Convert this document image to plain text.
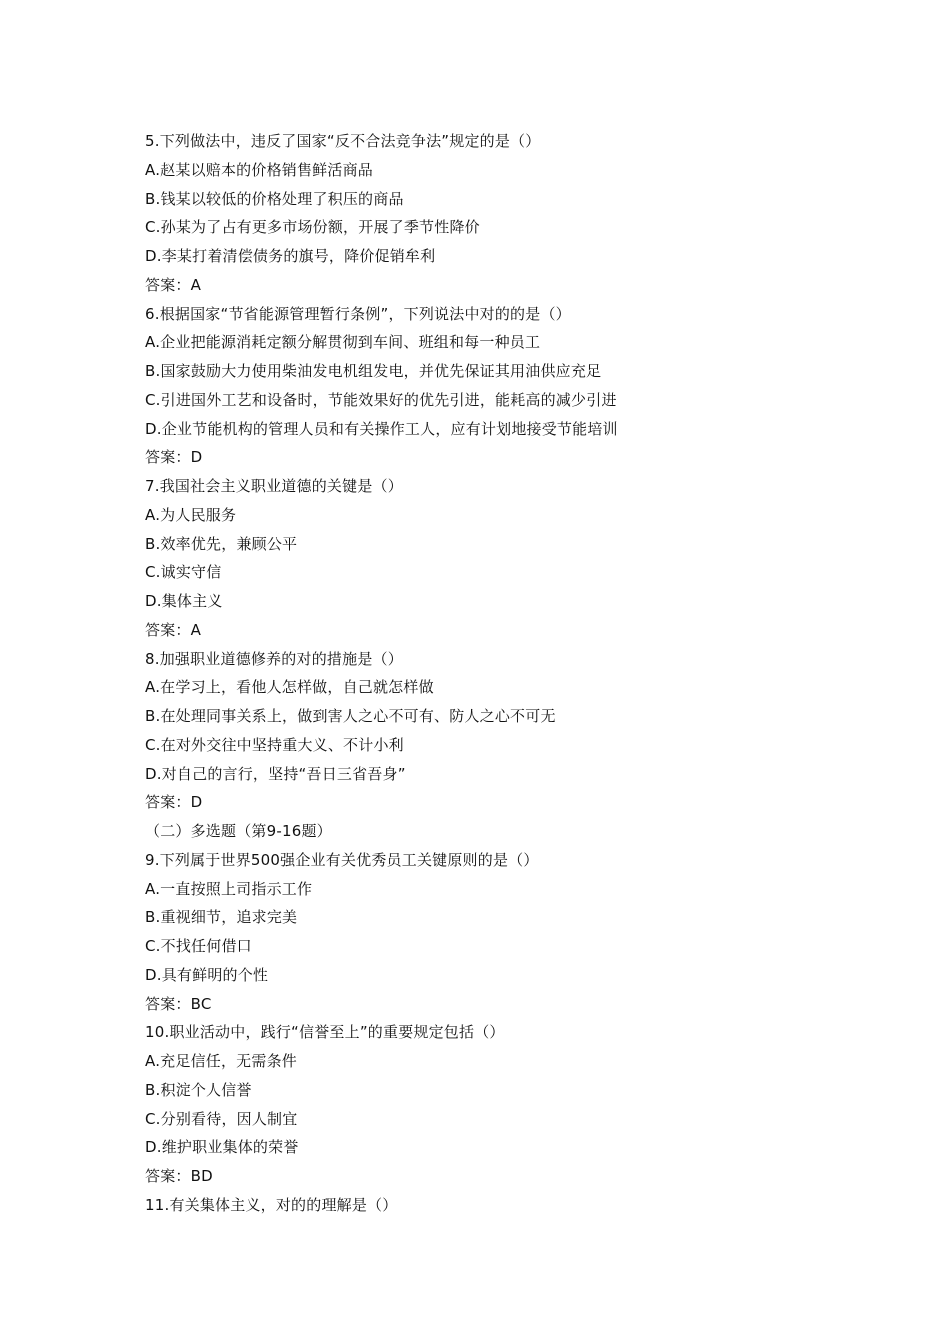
5.下列做法中，违反了国家“反不合法竞争法”规定的是（）
A.赵某以赔本的价格销售鲜活商品
B.钱某以较低的价格处理了积压的商品
C.孙某为了占有更多市场份额，开展了季节性降价
D.李某打着清偿债务的旗号，降价促销牟利
答案：A
6.根据国家“节省能源管理暂行条例”，下列说法中对的的是（）
A.企业把能源消耗定额分解贯彻到车间、班组和每一种员工
B.国家鼓励大力使用柴油发电机组发电，并优先保证其用油供应充足
C.引进国外工艺和设备时，节能效果好的优先引进，能耗高的减少引进
D.企业节能机构的管理人员和有关操作工人，应有计划地接受节能培训
答案：D
7.我国社会主义职业道德的关键是（）
A.为人民服务
B.效率优先，兼顾公平
C.诚实守信
D.集体主义
答案：A
8.加强职业道德修养的对的措施是（）
A.在学习上，看他人怎样做，自己就怎样做
B.在处理同事关系上，做到害人之心不可有、防人之心不可无
C.在对外交往中坚持重大义、不计小利
D.对自己的言行，坚持“吾日三省吾身”
答案：D
（二）多选题（第9-16题）
9.下列属于世界500强企业有关优秀员工关键原则的是（）
A.一直按照上司指示工作
B.重视细节，追求完美
C.不找任何借口
D.具有鲜明的个性
答案：BC
10.职业活动中，践行“信誉至上”的重要规定包括（）
A.充足信任，无需条件
B.积淀个人信誉
C.分别看待，因人制宜
D.维护职业集体的荣誉
答案：BD
11.有关集体主义，对的的理解是（）
